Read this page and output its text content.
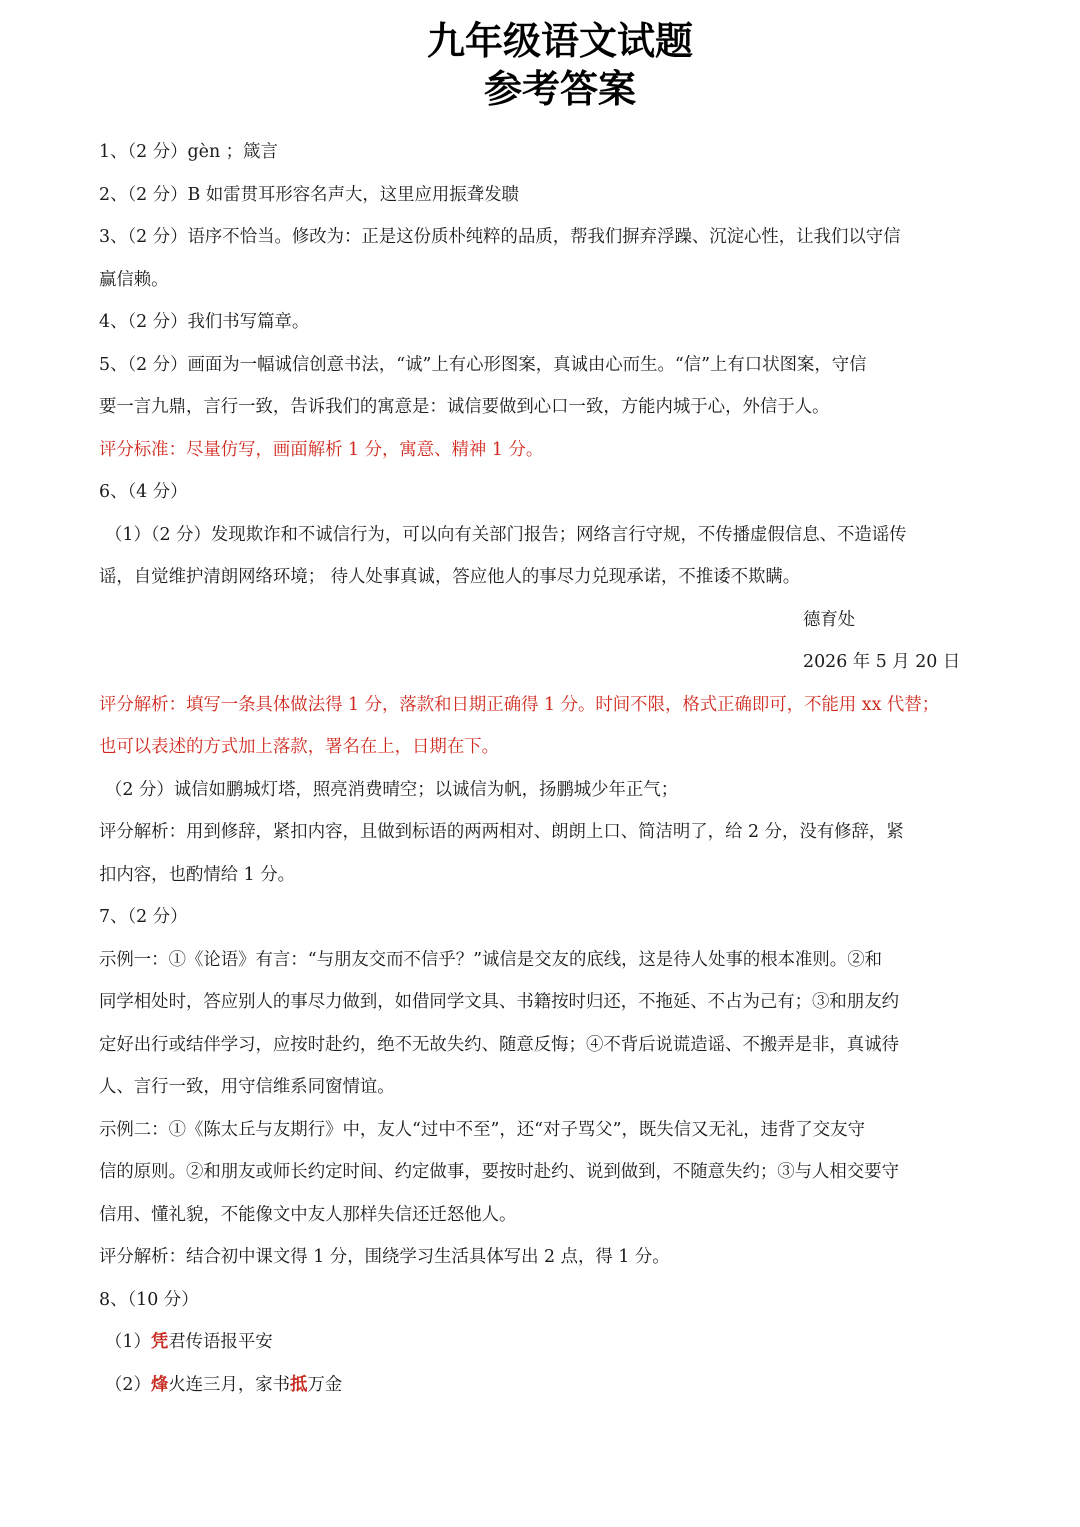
九年级语文试题
参考答案
1、（2 分）gèn ；箴言
2、（2 分）B 如雷贯耳形容名声大，这里应用振聋发聩
3、（2 分）语序不恰当。修改为：正是这份质朴纯粹的品质，帮我们摒弃浮躁、沉淀心性，让我们以守信
赢信赖。
4、（2 分）我们书写篇章。
5、（2 分）画面为一幅诚信创意书法，“诚”上有心形图案，真诚由心而生。“信”上有口状图案，守信
要一言九鼎，言行一致，告诉我们的寓意是：诚信要做到心口一致，方能内城于心，外信于人。
评分标准：尽量仿写，画面解析 1 分，寓意、精神 1 分。
6、（4 分）
（1）（2 分）发现欺诈和不诚信行为，可以向有关部门报告；网络言行守规，不传播虚假信息、不造谣传
谣，自觉维护清朗网络环境； 待人处事真诚，答应他人的事尽力兑现承诺，不推诿不欺瞒。
德育处
2026 年 5 月 20 日
评分解析：填写一条具体做法得 1 分，落款和日期正确得 1 分。时间不限，格式正确即可，不能用 xx 代替；
也可以表述的方式加上落款，署名在上，日期在下。
（2 分）诚信如鹏城灯塔，照亮消费晴空；以诚信为帆，扬鹏城少年正气；
评分解析：用到修辞，紧扣内容，且做到标语的两两相对、朗朗上口、简洁明了，给 2 分，没有修辞，紧
扣内容，也酌情给 1 分。
7、（2 分）
示例一：①《论语》有言：“与朋友交而不信乎？”诚信是交友的底线，这是待人处事的根本准则。②和
同学相处时，答应别人的事尽力做到，如借同学文具、书籍按时归还，不拖延、不占为己有；③和朋友约
定好出行或结伴学习，应按时赴约，绝不无故失约、随意反悔；④不背后说谎造谣、不搬弄是非，真诚待
人、言行一致，用守信维系同窗情谊。
示例二：①《陈太丘与友期行》中，友人“过中不至”，还“对子骂父”，既失信又无礼，违背了交友守
信的原则。②和朋友或师长约定时间、约定做事，要按时赴约、说到做到，不随意失约；③与人相交要守
信用、懂礼貌，不能像文中友人那样失信还迁怒他人。
评分解析：结合初中课文得 1 分，围绕学习生活具体写出 2 点，得 1 分。
8、（10 分）
（1）凭君传语报平安
（2）烽火连三月，家书抵万金
